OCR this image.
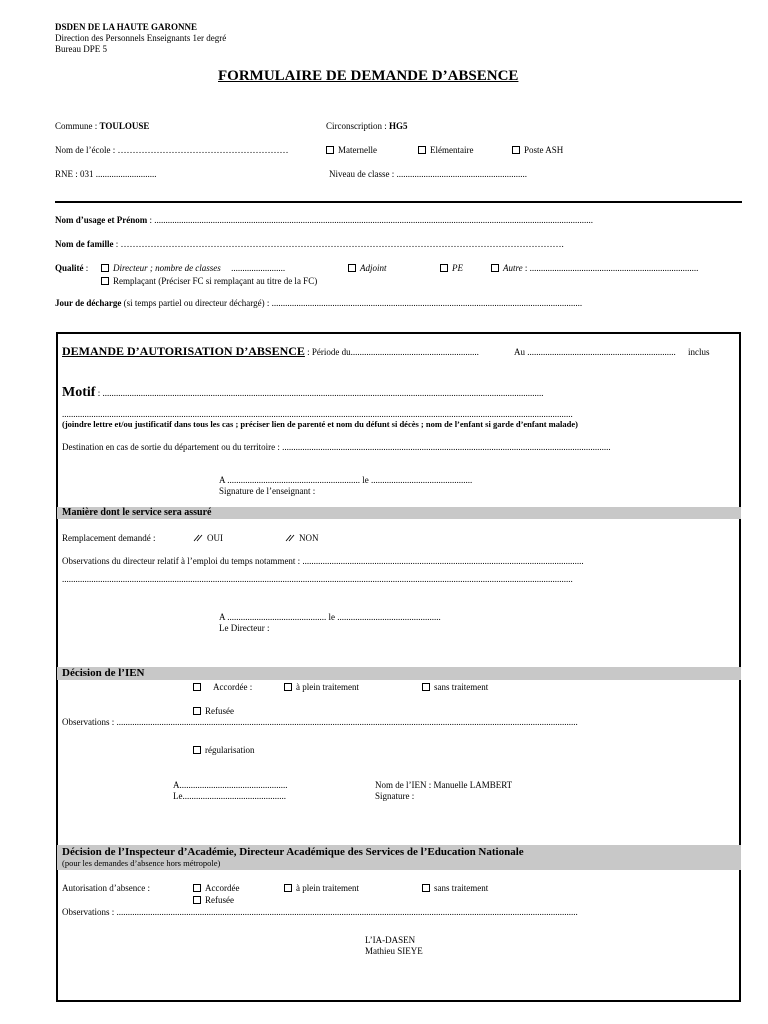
DSDEN DE LA HAUTE GARONNE
Direction des Personnels Enseignants 1er degré
Bureau DPE 5
FORMULAIRE DE DEMANDE D’ABSENCE
Commune : TOULOUSE	Circonscription : HG5
Nom de l’école : …………………………………………………	Maternelle	Elémentaire	Poste ASH
RNE : 031 ...........................	Niveau de classe : ..........................................................
Nom d’usage et Prénom : ...................................................................................................................................................................................................
Nom de famille : ………………………………………………………………………………………………………………………………….
Qualité :	Directeur ; nombre de classes ........................	Adjoint	PE	Autre : ...........................................................................
Remplaçant (Préciser FC si remplaçant au titre de la FC)
Jour de décharge (si temps partiel ou directeur déchargé) : ..........................................................................................................................................
DEMANDE D’AUTORISATION D’ABSENCE : Période du.........................................................	Au .................................................................. inclus
Motif : ....................................................................................................................................................................................................
...................................................................................................................................................................................................................................
(joindre lettre et/ou justificatif dans tous les cas ; préciser lien de parenté et nom du défunt si décès ; nom de l’enfant si garde d’enfant malade)
Destination en cas de sortie du département ou du territoire : ..................................................................................................................................................
A ........................................................... le .............................................
Signature de l’enseignant :
Manière dont le service sera assuré
Remplacement demandé :	OUI	NON
Observations du directeur relatif à l’emploi du temps notamment : .............................................................................................................................
...................................................................................................................................................................................................................................
A ............................................ le ..............................................
Le Directeur :
Décision de l’IEN
Accordée :	à plein traitement	sans traitement
Refusée
Observations : .............................................................................................................................................................................................................
régularisation
A................................................
Le..............................................
Nom de l’IEN : Manuelle LAMBERT
Signature :
Décision de l’Inspecteur d’Académie, Directeur Académique des Services de l’Education Nationale
(pour les demandes d’absence hors métropole)
Autorisation d’absence :	Accordée	à plein traitement	sans traitement
Refusée
Observations : .............................................................................................................................................................................................................
L’IA-DASEN
Mathieu SIEYE
